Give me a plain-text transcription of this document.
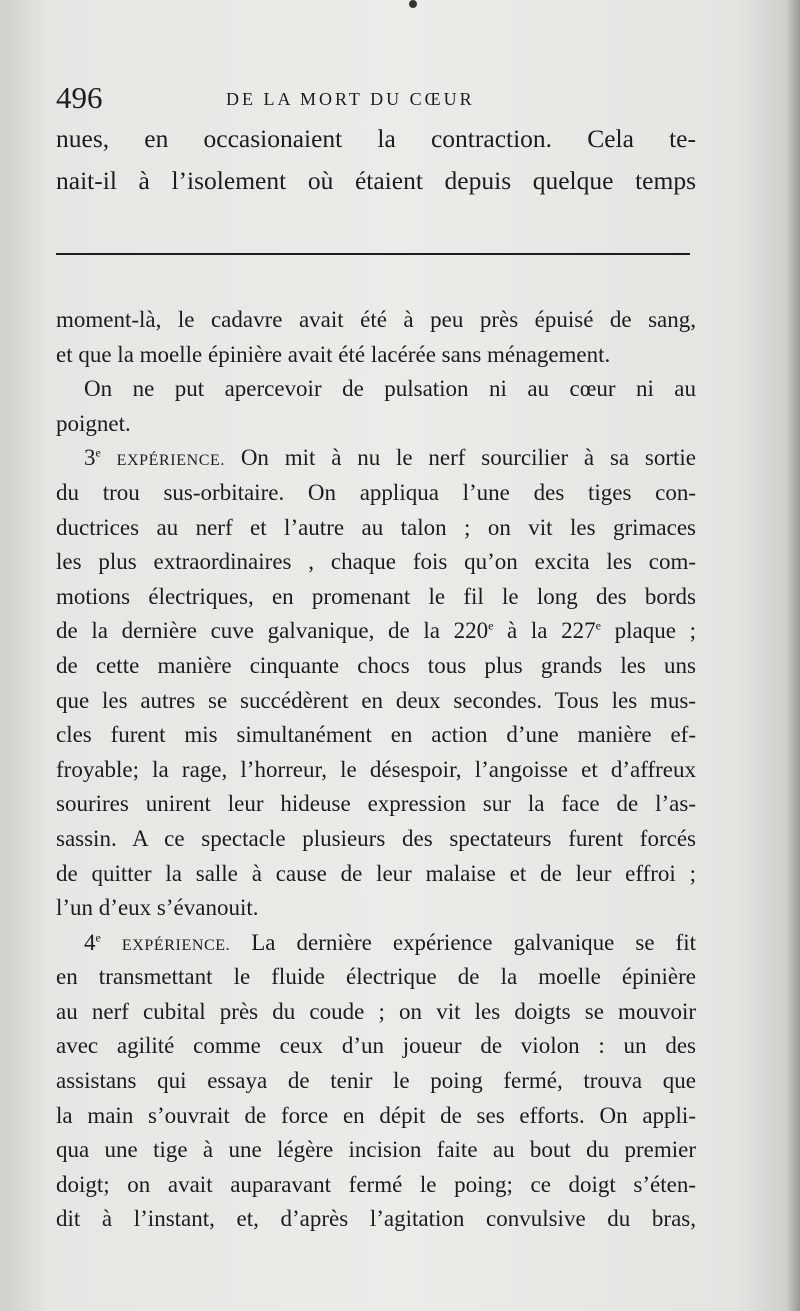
496	DE LA MORT DU CŒUR
nues, en occasionaient la contraction. Cela te-
nait-il à l’isolement où étaient depuis quelque temps
moment-là, le cadavre avait été à peu près épuisé de sang,
et que la moelle épinière avait été lacérée sans ménagement.
On ne put apercevoir de pulsation ni au cœur ni au
poignet.
3e EXPÉRIENCE. On mit à nu le nerf sourcilier à sa sortie
du trou sus-orbitaire. On appliqua l’une des tiges con-
ductrices au nerf et l’autre au talon ; on vit les grimaces
les plus extraordinaires , chaque fois qu’on excita les com-
motions électriques, en promenant le fil le long des bords
de la dernière cuve galvanique, de la 220e à la 227e plaque ;
de cette manière cinquante chocs tous plus grands les uns
que les autres se succédèrent en deux secondes. Tous les mus-
cles furent mis simultanément en action d’une manière ef-
froyable; la rage, l’horreur, le désespoir, l’angoisse et d’affreux
sourires unirent leur hideuse expression sur la face de l’as-
sassin. A ce spectacle plusieurs des spectateurs furent forcés
de quitter la salle à cause de leur malaise et de leur effroi ;
l’un d’eux s’évanouit.
4e EXPÉRIENCE. La dernière expérience galvanique se fit
en transmettant le fluide électrique de la moelle épinière
au nerf cubital près du coude ; on vit les doigts se mouvoir
avec agilité comme ceux d’un joueur de violon : un des
assistans qui essaya de tenir le poing fermé, trouva que
la main s’ouvrait de force en dépit de ses efforts. On appli-
qua une tige à une légère incision faite au bout du premier
doigt; on avait auparavant fermé le poing; ce doigt s’éten-
dit à l’instant, et, d’après l’agitation convulsive du bras,
